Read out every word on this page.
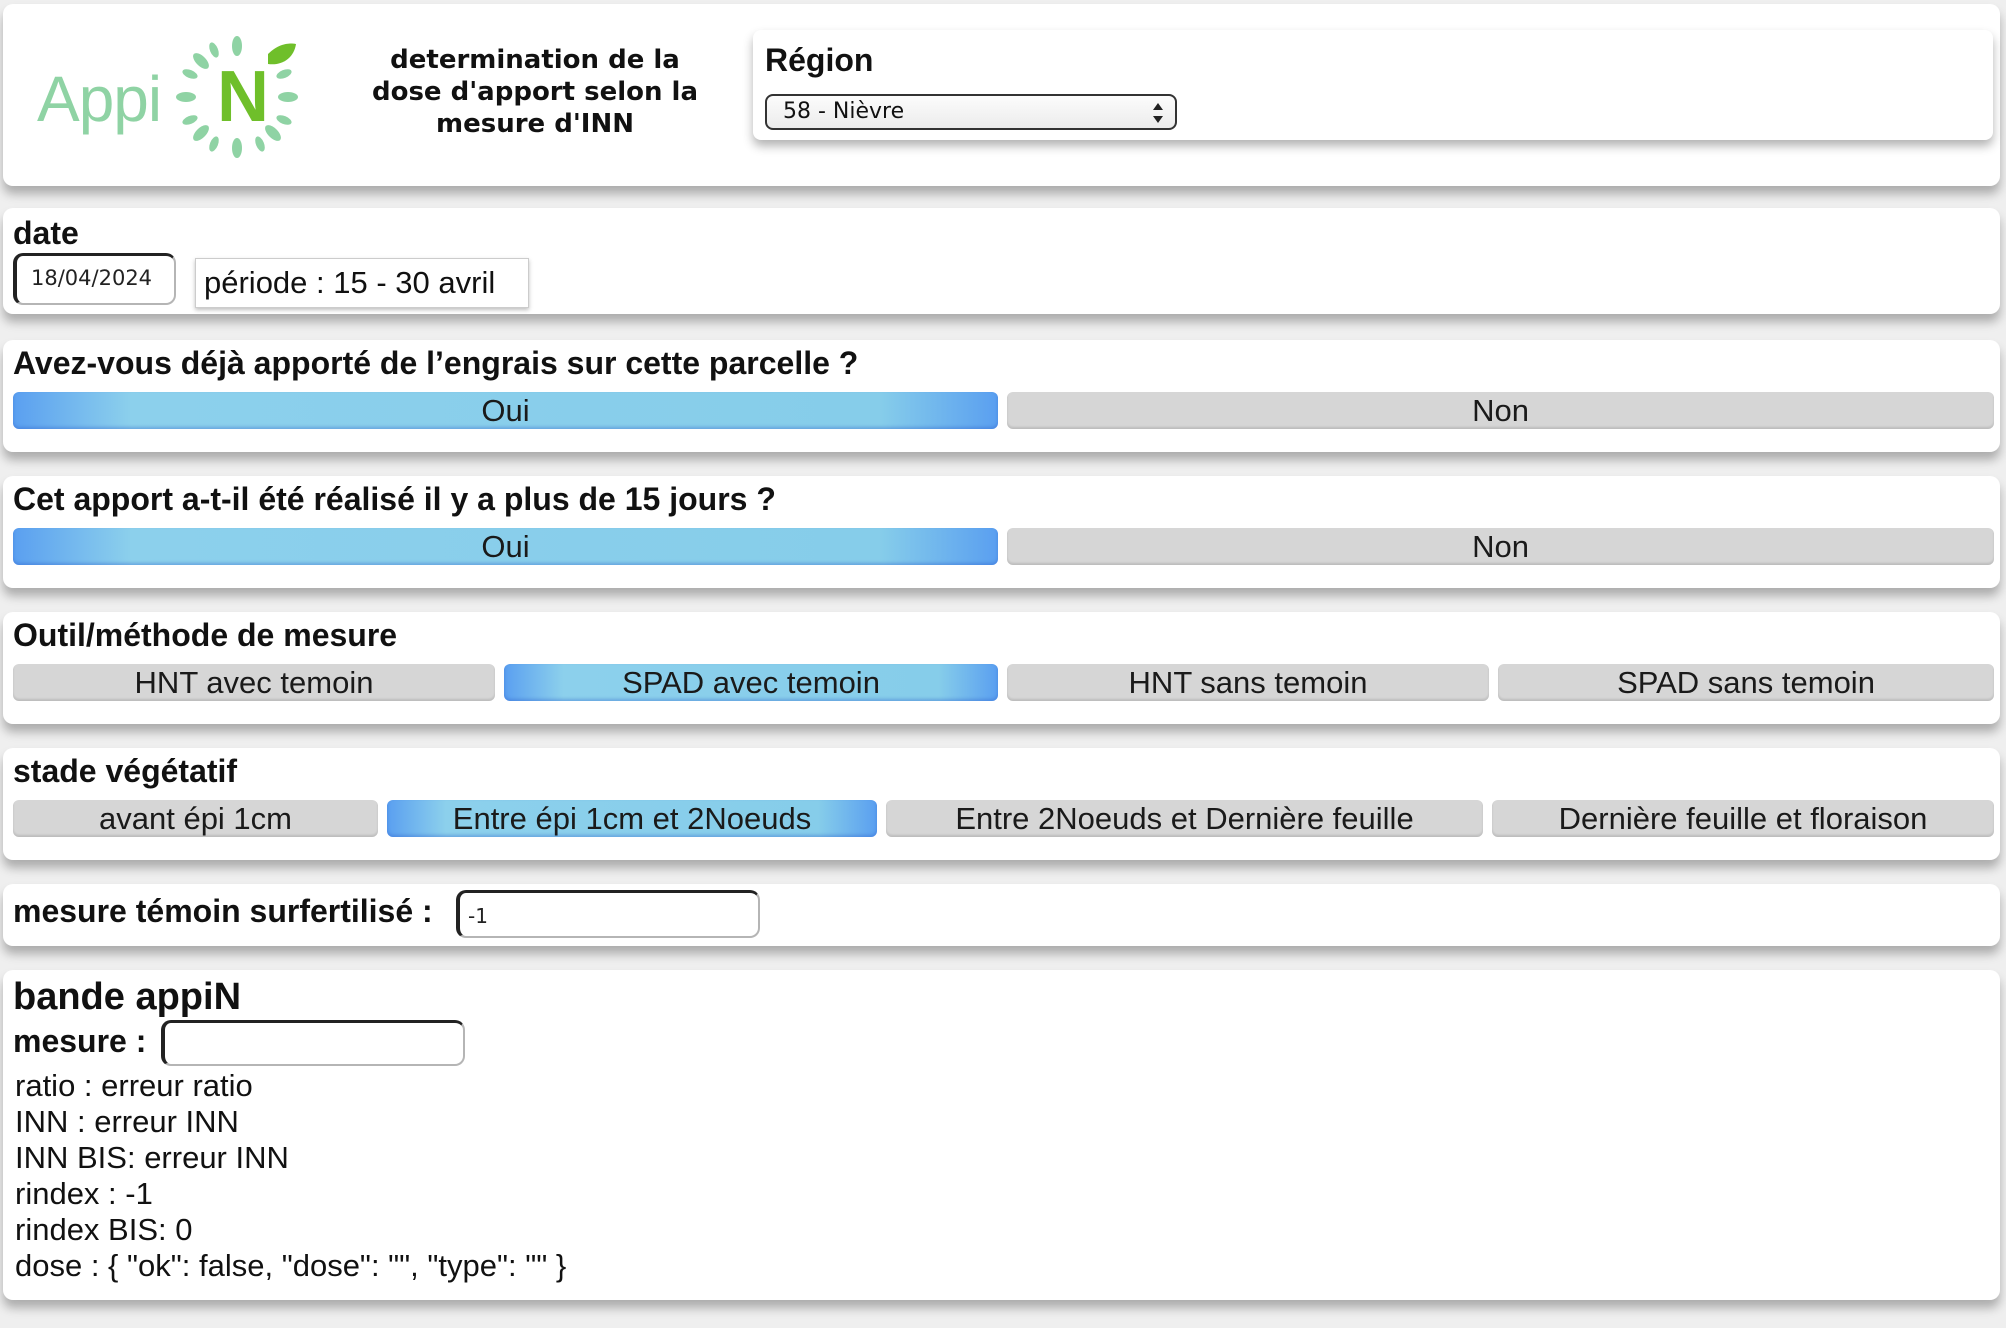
Appi N	determination de la dose d'apport selon la mesure d'INN
Région
58 - Nièvre
date
18/04/2024 période : 15 - 30 avril
Avez-vous déjà apporté de l’engrais sur cette parcelle ?
Oui	Non
Cet apport a-t-il été réalisé il y a plus de 15 jours ?
Oui	Non
Outil/méthode de mesure
HNT avec temoin	SPAD avec temoin	HNT sans temoin	SPAD sans temoin
stade végétatif
avant épi 1cm	Entre épi 1cm et 2Noeuds	Entre 2Noeuds et Dernière feuille	Dernière feuille et floraison
mesure témoin surfertilisé : -1
bande appiN
mesure :
ratio : erreur ratio
INN : erreur INN
INN BIS: erreur INN
rindex : -1
rindex BIS: 0
dose : { "ok": false, "dose": "", "type": "" }
